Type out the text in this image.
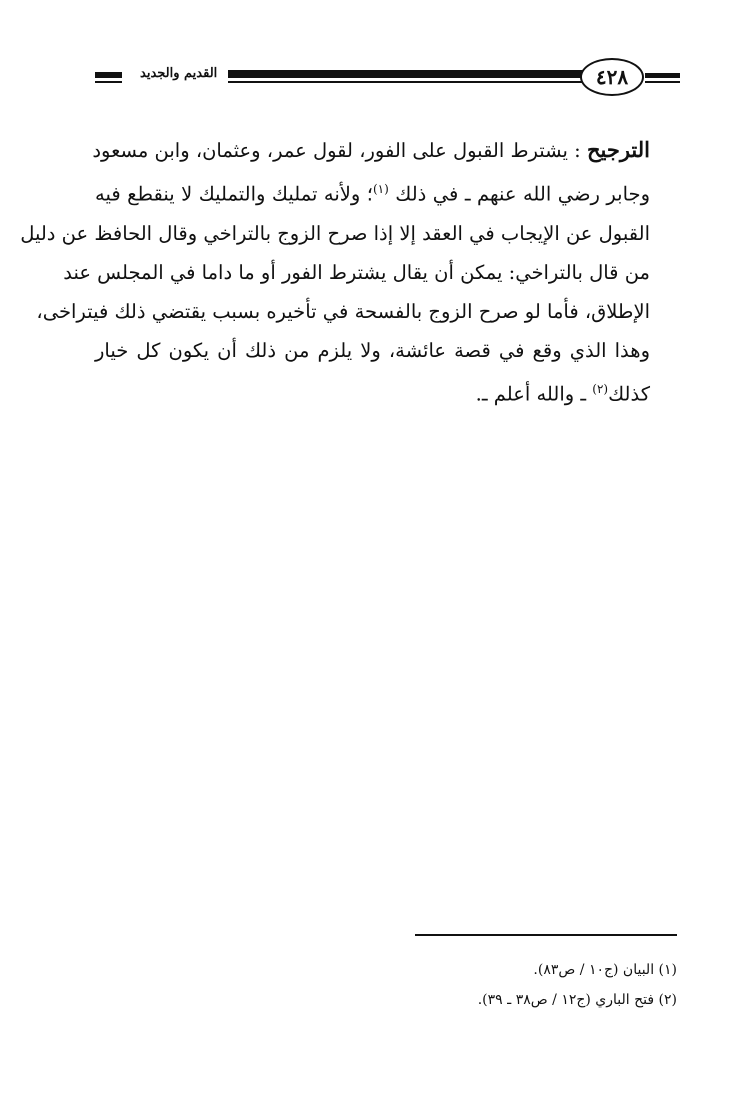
القديم والجديد	٤٢٨
الترجيح : يشترط القبول على الفور، لقول عمر، وعثمان، وابن مسعود
وجابر رضي الله عنهم ـ في ذلك $^{(١)}$؛ ولأنه تمليك والتمليك لا ينقطع فيه
القبول عن الإيجاب في العقد إلا إذا صرح الزوج بالتراخي وقال الحافظ عن دليل
من قال بالتراخي: يمكن أن يقال يشترط الفور أو ما داما في المجلس عند
الإطلاق، فأما لو صرح الزوج بالفسحة في تأخيره بسبب يقتضي ذلك فيتراخى،
وهذا الذي وقع في قصة عائشة، ولا يلزم من ذلك أن يكون كل خيار
كذلك$^{(٢)}$ ـ والله أعلم ـ.
(١) البيان (ج١٠ / ص٨٣).
(٢) فتح الباري (ج١٢ / ص٣٨ ـ ٣٩).
